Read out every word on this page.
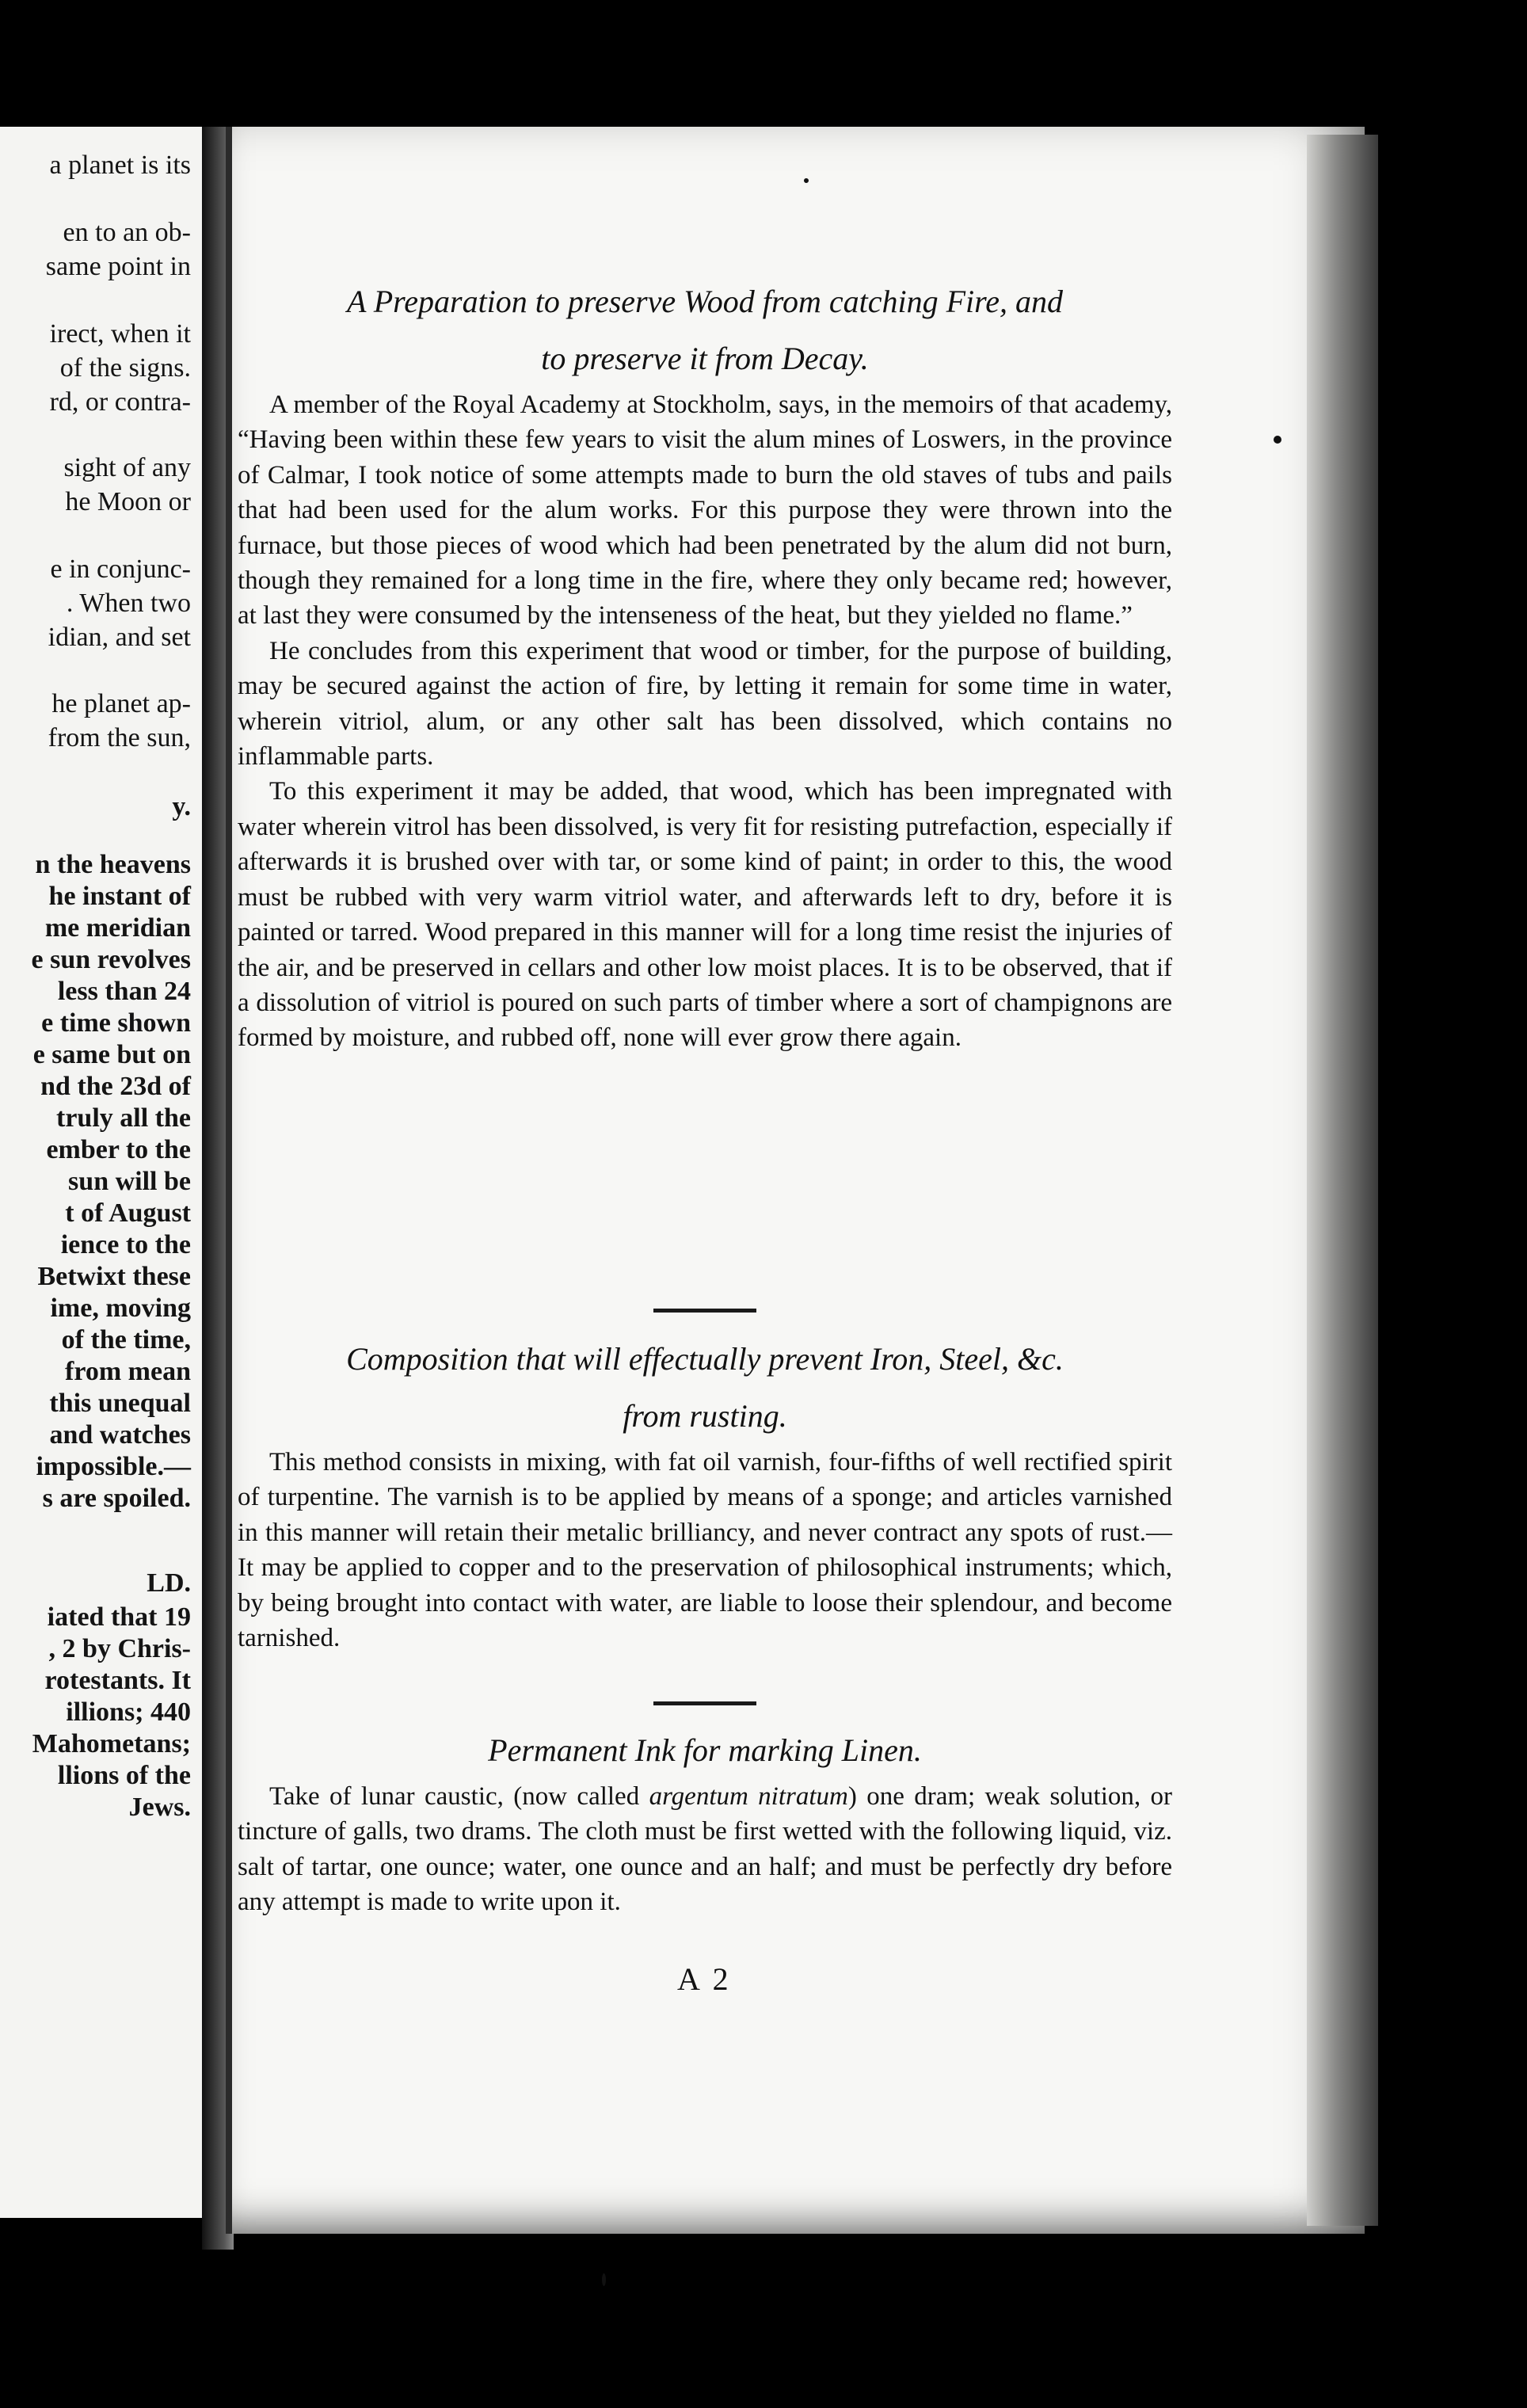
a planet is its
en to an ob-
same point in
irect, when it
of the signs.
rd, or contra-
sight of any
he Moon or
e in conjunc-
. When two
idian, and set
he planet ap-
from the sun,
y.
n the heavens
he instant of
me meridian
e sun revolves
less than 24
e time shown
e same but on
nd the 23d of
truly all the
ember to the
sun will be
t of August
ience to the
Betwixt these
ime, moving
of the time,
from mean
this unequal
and watches
impossible.—
s are spoiled.
LD.
iated that 19
, 2 by Chris-
rotestants. It
illions; 440
Mahometans;
llions of the
Jews.

A Preparation to preserve Wood from catching Fire, and

to preserve it from Decay.

A member of the Royal Academy at Stockholm, says, in the memoirs of that academy, “Having been within these few years to visit the alum mines of Loswers, in the province of Calmar, I took notice of some attempts made to burn the old staves of tubs and pails that had been used for the alum works. For this purpose they were thrown into the furnace, but those pieces of wood which had been penetrated by the alum did not burn, though they remained for a long time in the fire, where they only became red; however, at last they were consumed by the intenseness of the heat, but they yielded no flame.”

He concludes from this experiment that wood or timber, for the purpose of building, may be secured against the action of fire, by letting it remain for some time in water, wherein vitriol, alum, or any other salt has been dissolved, which contains no inflammable parts.

To this experiment it may be added, that wood, which has been impregnated with water wherein vitrol has been dissolved, is very fit for resisting putrefaction, especially if afterwards it is brushed over with tar, or some kind of paint; in order to this, the wood must be rubbed with very warm vitriol water, and afterwards left to dry, before it is painted or tarred. Wood prepared in this manner will for a long time resist the injuries of the air, and be preserved in cellars and other low moist places. It is to be observed, that if a dissolution of vitriol is poured on such parts of timber where a sort of champignons are formed by moisture, and rubbed off, none will ever grow there again.

Composition that will effectually prevent Iron, Steel, &c.

from rusting.

This method consists in mixing, with fat oil varnish, four-fifths of well rectified spirit of turpentine. The varnish is to be applied by means of a sponge; and articles varnished in this manner will retain their metalic brilliancy, and never contract any spots of rust.— It may be applied to copper and to the preservation of philosophical instruments; which, by being brought into contact with water, are liable to loose their splendour, and become tarnished.

Permanent Ink for marking Linen.

Take of lunar caustic, (now called argentum nitratum) one dram; weak solution, or tincture of galls, two drams. The cloth must be first wetted with the following liquid, viz. salt of tartar, one ounce; water, one ounce and an half; and must be perfectly dry before any attempt is made to write upon it.

A 2
